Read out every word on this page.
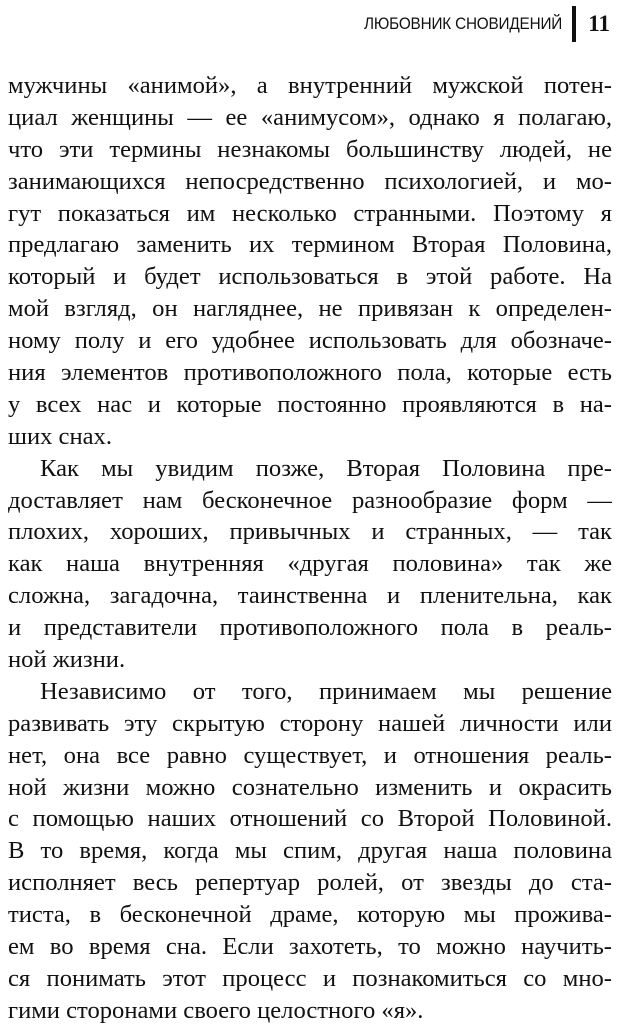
ЛЮБОВНИК СНОВИДЕНИЙ 11

мужчины «анимой», а внутренний мужской потен-
циал женщины — ее «анимусом», однако я полагаю,
что эти термины незнакомы большинству людей, не
занимающихся непосредственно психологией, и мо-
гут показаться им несколько странными. Поэтому я
предлагаю заменить их термином Вторая Половина,
который и будет использоваться в этой работе. На
мой взгляд, он нагляднее, не привязан к определен-
ному полу и его удобнее использовать для обозначе-
ния элементов противоположного пола, которые есть
у всех нас и которые постоянно проявляются в на-
ших снах.

Как мы увидим позже, Вторая Половина пре-
доставляет нам бесконечное разнообразие форм —
плохих, хороших, привычных и странных, — так
как наша внутренняя «другая половина» так же
сложна, загадочна, таинственна и пленительна, как
и представители противоположного пола в реаль-
ной жизни.

Независимо от того, принимаем мы решение
развивать эту скрытую сторону нашей личности или
нет, она все равно существует, и отношения реаль-
ной жизни можно сознательно изменить и окрасить
с помощью наших отношений со Второй Половиной.
В то время, когда мы спим, другая наша половина
исполняет весь репертуар ролей, от звезды до ста-
тиста, в бесконечной драме, которую мы прожива-
ем во время сна. Если захотеть, то можно научить-
ся понимать этот процесс и познакомиться со мно-
гими сторонами своего целостного «я».
